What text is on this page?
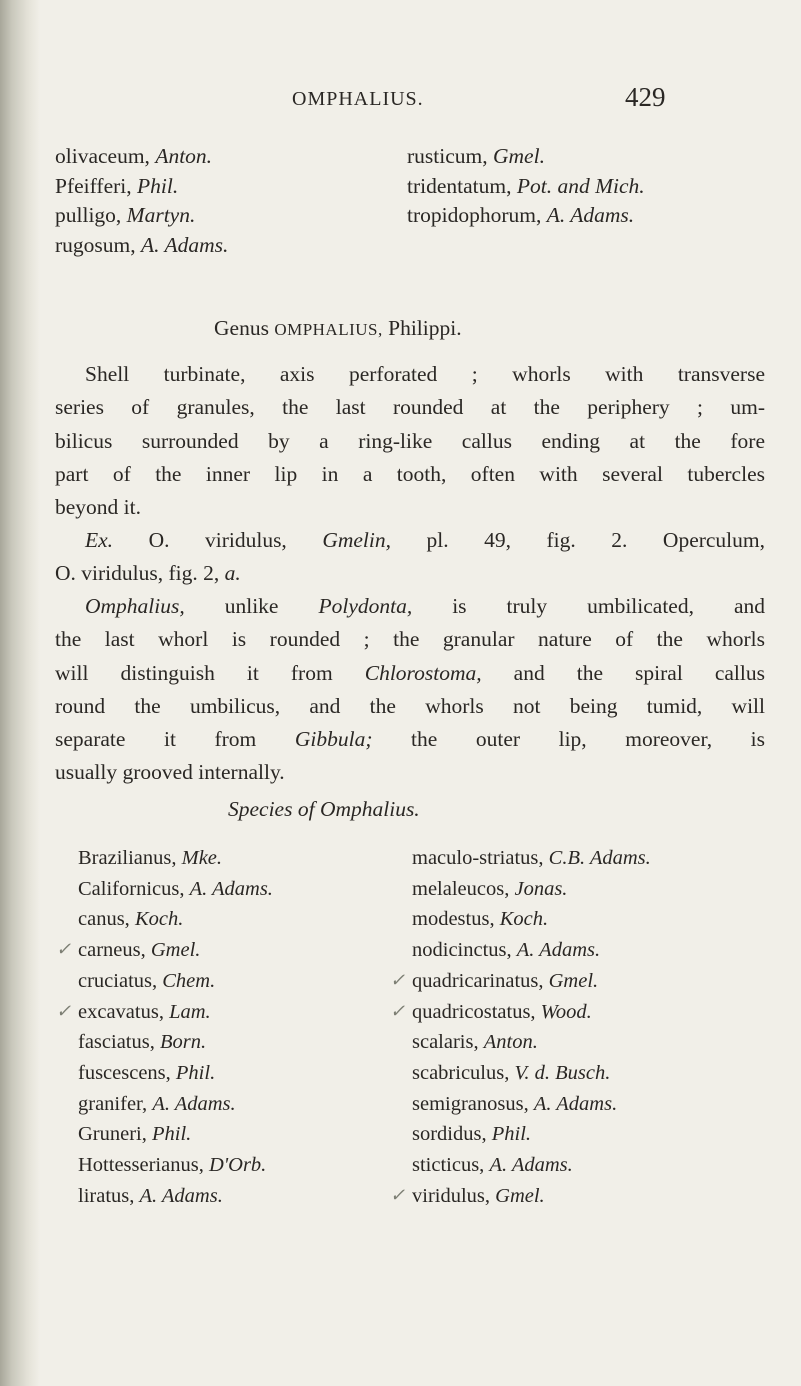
OMPHALIUS.	429
olivaceum, Anton.
Pfeifferi, Phil.
pulligo, Martyn.
rugosum, A. Adams.
rusticum, Gmel.
tridentatum, Pot. and Mich.
tropidophorum, A. Adams.
Genus OMPHALIUS, Philippi.
Shell turbinate, axis perforated ; whorls with transverse
series of granules, the last rounded at the periphery ; um-
bilicus surrounded by a ring-like callus ending at the fore
part of the inner lip in a tooth, often with several tubercles
beyond it.
Ex. O. viridulus, Gmelin, pl. 49, fig. 2. Operculum,
O. viridulus, fig. 2, a.
Omphalius, unlike Polydonta, is truly umbilicated, and
the last whorl is rounded ; the granular nature of the whorls
will distinguish it from Chlorostoma, and the spiral callus
round the umbilicus, and the whorls not being tumid, will
separate it from Gibbula; the outer lip, moreover, is
usually grooved internally.
Species of Omphalius.
Brazilianus, Mke.
Californicus, A. Adams.
canus, Koch.
✓ carneus, Gmel.
cruciatus, Chem.
✓ excavatus, Lam.
fasciatus, Born.
fuscescens, Phil.
granifer, A. Adams.
Gruneri, Phil.
Hottesserianus, D'Orb.
liratus, A. Adams.
maculo-striatus, C.B. Adams.
melaleucos, Jonas.
modestus, Koch.
nodicinctus, A. Adams.
✓ quadricarinatus, Gmel.
✓ quadricostatus, Wood.
scalaris, Anton.
scabriculus, V. d. Busch.
semigranosus, A. Adams.
sordidus, Phil.
sticticus, A. Adams.
✓ viridulus, Gmel.
